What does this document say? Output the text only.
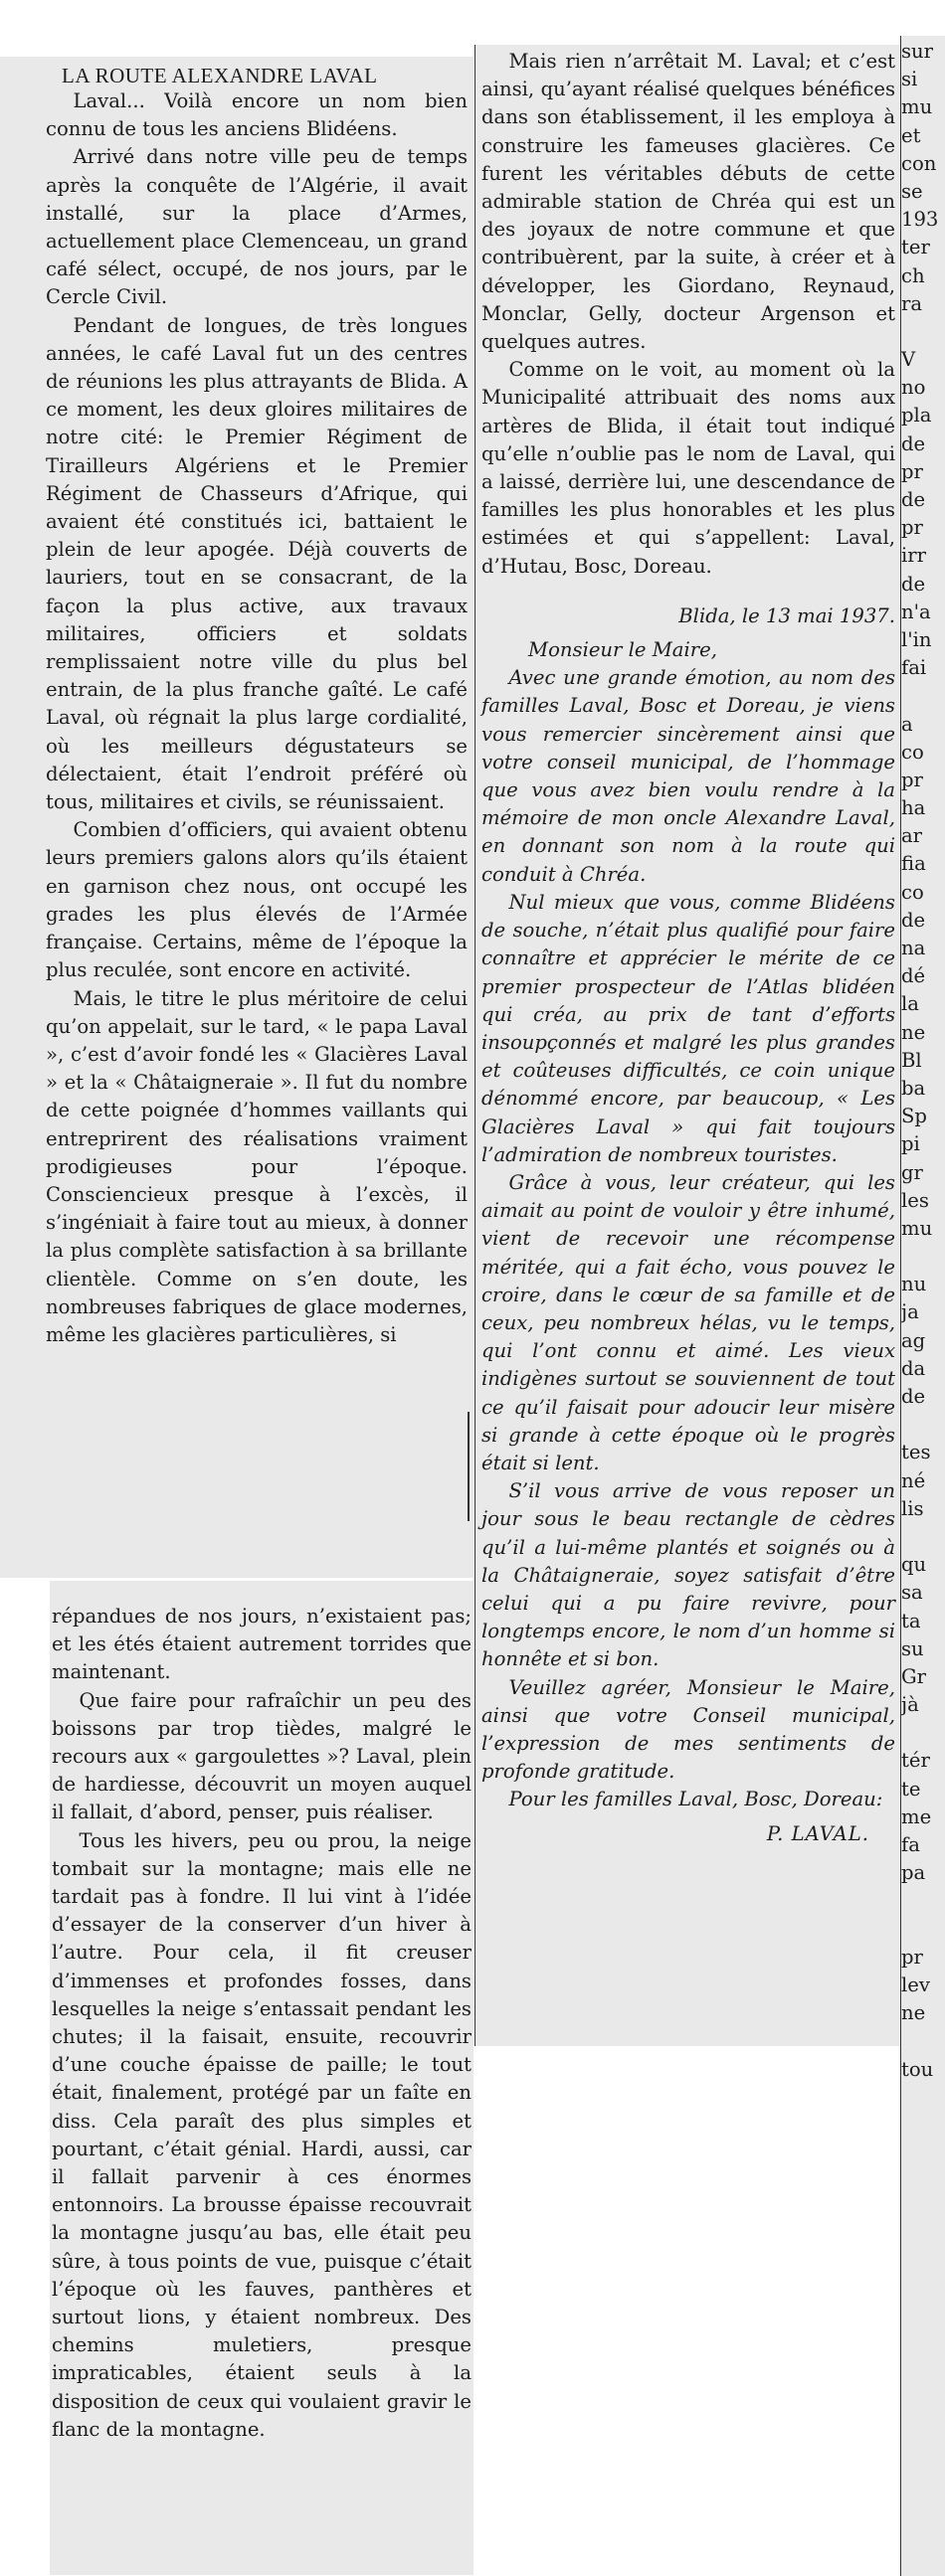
LA ROUTE ALEXANDRE LAVAL

Laval... Voilà encore un nom bien connu de tous les anciens Blidéens.

Arrivé dans notre ville peu de temps après la conquête de l’Algérie, il avait installé, sur la place d’Armes, actuellement place Clemenceau, un grand café sélect, occupé, de nos jours, par le Cercle Civil.

Pendant de longues, de très longues années, le café Laval fut un des centres de réunions les plus attrayants de Blida. A ce moment, les deux gloires militaires de notre cité: le Premier Régiment de Tirailleurs Algériens et le Premier Régiment de Chasseurs d’Afrique, qui avaient été constitués ici, battaient le plein de leur apogée. Déjà couverts de lauriers, tout en se consacrant, de la façon la plus active, aux travaux militaires, officiers et soldats remplissaient notre ville du plus bel entrain, de la plus franche gaîté. Le café Laval, où régnait la plus large cordialité, où les meilleurs dégustateurs se délectaient, était l’endroit préféré où tous, militaires et civils, se réunissaient.

Combien d’officiers, qui avaient obtenu leurs premiers galons alors qu’ils étaient en garnison chez nous, ont occupé les grades les plus élevés de l’Armée française. Certains, même de l’époque la plus reculée, sont encore en activité.

Mais, le titre le plus méritoire de celui qu’on appelait, sur le tard, « le papa Laval », c’est d’avoir fondé les « Glacières Laval » et la « Châtaigneraie ». Il fut du nombre de cette poignée d’hommes vaillants qui entreprirent des réalisations vraiment prodigieuses pour l’époque. Consciencieux presque à l’excès, il s’ingéniait à faire tout au mieux, à donner la plus complète satisfaction à sa brillante clientèle. Comme on s’en doute, les nombreuses fabriques de glace modernes, même les glacières particulières, si

répandues de nos jours, n’existaient pas; et les étés étaient autrement torrides que maintenant.

Que faire pour rafraîchir un peu des boissons par trop tièdes, malgré le recours aux « gargoulettes »? Laval, plein de hardiesse, découvrit un moyen auquel il fallait, d’abord, penser, puis réaliser.

Tous les hivers, peu ou prou, la neige tombait sur la montagne; mais elle ne tardait pas à fondre. Il lui vint à l’idée d’essayer de la conserver d’un hiver à l’autre. Pour cela, il fit creuser d’immenses et profondes fosses, dans lesquelles la neige s’entassait pendant les chutes; il la faisait, ensuite, recouvrir d’une couche épaisse de paille; le tout était, finalement, protégé par un faîte en diss. Cela paraît des plus simples et pourtant, c’était génial. Hardi, aussi, car il fallait parvenir à ces énormes entonnoirs. La brousse épaisse recouvrait la montagne jusqu’au bas, elle était peu sûre, à tous points de vue, puisque c’était l’époque où les fauves, panthères et surtout lions, y étaient nombreux. Des chemins muletiers, presque impraticables, étaient seuls à la disposition de ceux qui voulaient gravir le flanc de la montagne.

Mais rien n’arrêtait M. Laval; et c’est ainsi, qu’ayant réalisé quelques bénéfices dans son établissement, il les employa à construire les fameuses glacières. Ce furent les véritables débuts de cette admirable station de Chréa qui est un des joyaux de notre commune et que contribuèrent, par la suite, à créer et à développer, les Giordano, Reynaud, Monclar, Gelly, docteur Argenson et quelques autres.

Comme on le voit, au moment où la Municipalité attribuait des noms aux artères de Blida, il était tout indiqué qu’elle n’oublie pas le nom de Laval, qui a laissé, derrière lui, une descendance de familles les plus honorables et les plus estimées et qui s’appellent: Laval, d’Hutau, Bosc, Doreau.

Blida, le 13 mai 1937.

Monsieur le Maire,

Avec une grande émotion, au nom des familles Laval, Bosc et Doreau, je viens vous remercier sincèrement ainsi que votre conseil municipal, de l’hommage que vous avez bien voulu rendre à la mémoire de mon oncle Alexandre Laval, en donnant son nom à la route qui conduit à Chréa.

Nul mieux que vous, comme Blidéens de souche, n’était plus qualifié pour faire connaître et apprécier le mérite de ce premier prospecteur de l’Atlas blidéen qui créa, au prix de tant d’efforts insoupçonnés et malgré les plus grandes et coûteuses difficultés, ce coin unique dénommé encore, par beaucoup, « Les Glacières Laval » qui fait toujours l’admiration de nombreux touristes.

Grâce à vous, leur créateur, qui les aimait au point de vouloir y être inhumé, vient de recevoir une récompense méritée, qui a fait écho, vous pouvez le croire, dans le cœur de sa famille et de ceux, peu nombreux hélas, vu le temps, qui l’ont connu et aimé. Les vieux indigènes surtout se souviennent de tout ce qu’il faisait pour adoucir leur misère si grande à cette époque où le progrès était si lent.

S’il vous arrive de vous reposer un jour sous le beau rectangle de cèdres qu’il a lui-même plantés et soignés ou à la Châtaigneraie, soyez satisfait d’être celui qui a pu faire revivre, pour longtemps encore, le nom d’un homme si honnête et si bon.

Veuillez agréer, Monsieur le Maire, ainsi que votre Conseil municipal, l’expression de mes sentiments de profonde gratitude.

Pour les familles Laval, Bosc, Doreau:

P. LAVAL.

sur
si
mu
et
con
se
193
ter
ch
ra
V
no
pla
de
pr
de
pr
irr
de
n'a
l'in
fai
a
co
pr
ha
ar
fia
co
de
na
dé
la
ne
Bl
ba
Sp
pi
gr
les
mu
nu
ja
ag
da
de
tes
né
lis
qu
sa
ta
su
Gr
jà
tér
te
me
fa
pa
pr
lev
ne
tou
